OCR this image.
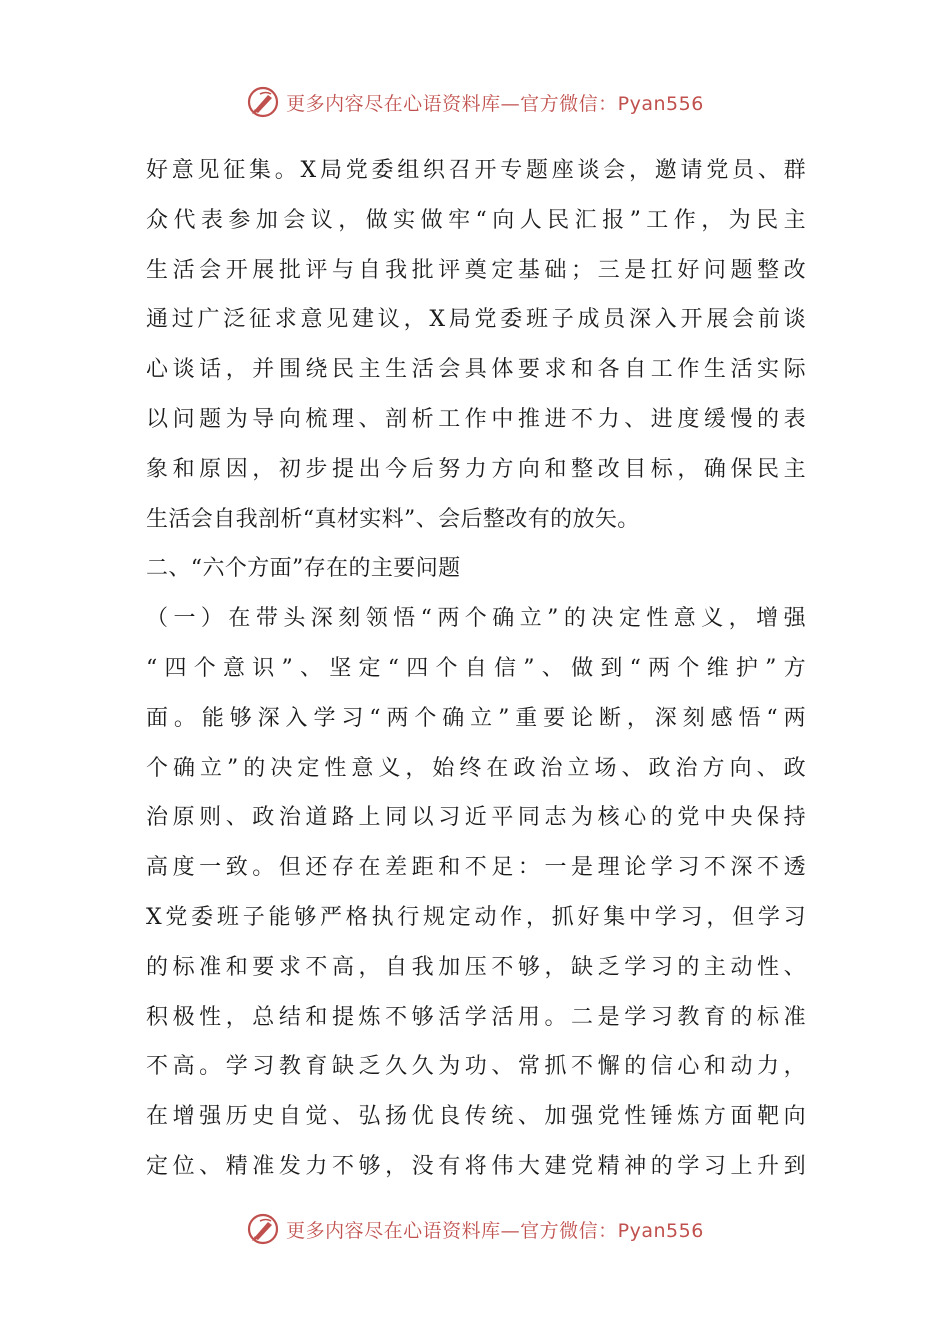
更多内容尽在心语资料库—官方微信：Pyan556
好意见征集。X局党委组织召开专题座谈会，邀请党员、群
众代表参加会议，做实做牢“向人民汇报”工作，为民主
生活会开展批评与自我批评奠定基础；三是扛好问题整改
通过广泛征求意见建议，X局党委班子成员深入开展会前谈
心谈话，并围绕民主生活会具体要求和各自工作生活实际
以问题为导向梳理、剖析工作中推进不力、进度缓慢的表
象和原因，初步提出今后努力方向和整改目标，确保民主
生活会自我剖析“真材实料”、会后整改有的放矢。
二、“六个方面”存在的主要问题
（一）在带头深刻领悟“两个确立”的决定性意义，增强
“四个意识”、坚定“四个自信”、做到“两个维护”方
面。能够深入学习“两个确立”重要论断，深刻感悟“两
个确立”的决定性意义，始终在政治立场、政治方向、政
治原则、政治道路上同以习近平同志为核心的党中央保持
高度一致。但还存在差距和不足：一是理论学习不深不透
X党委班子能够严格执行规定动作，抓好集中学习，但学习
的标准和要求不高，自我加压不够，缺乏学习的主动性、
积极性，总结和提炼不够活学活用。二是学习教育的标准
不高。学习教育缺乏久久为功、常抓不懈的信心和动力，
在增强历史自觉、弘扬优良传统、加强党性锤炼方面靶向
定位、精准发力不够，没有将伟大建党精神的学习上升到
更多内容尽在心语资料库—官方微信：Pyan556
